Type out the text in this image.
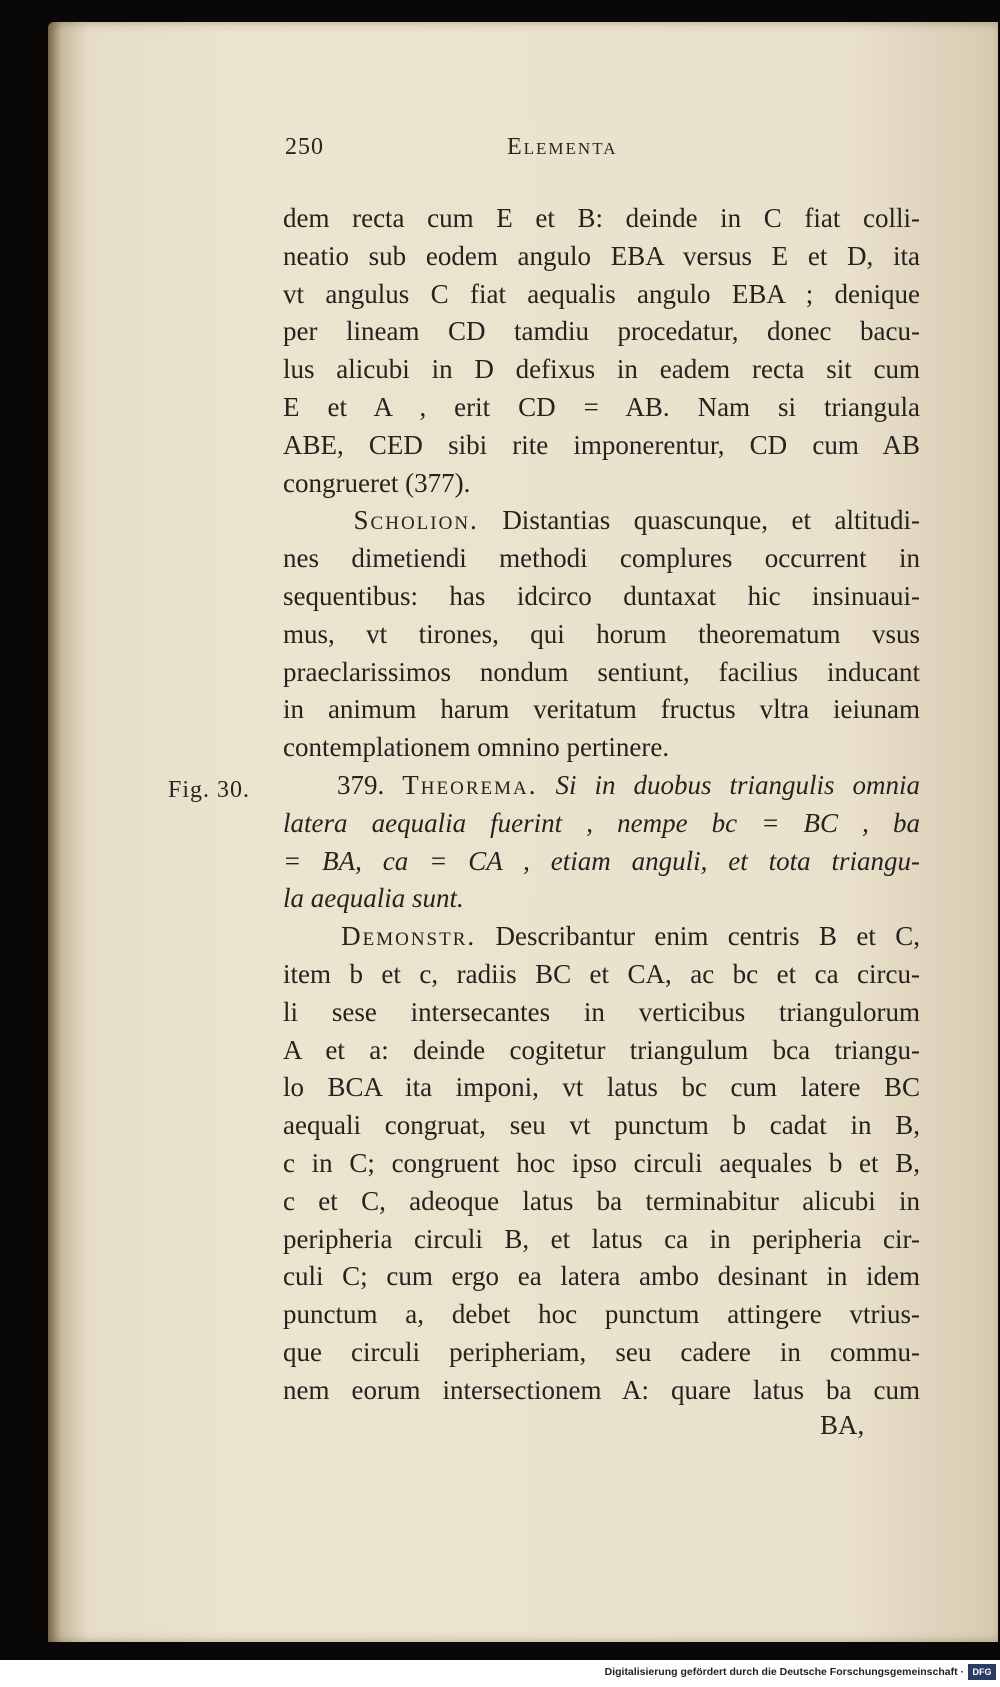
250	Elementa
Fig. 30.
dem recta cum E et B: deinde in C fiat colli-
neatio sub eodem angulo EBA versus E et D, ita
vt angulus C fiat aequalis angulo EBA ; denique
per lineam CD tamdiu procedatur, donec bacu-
lus alicubi in D defixus in eadem recta sit cum
E et A , erit CD = AB. Nam si triangula
ABE, CED sibi rite imponerentur, CD cum AB
congrueret (377).
Scholion. Distantias quascunque, et altitudi-
nes dimetiendi methodi complures occurrent in
sequentibus: has idcirco duntaxat hic insinuaui-
mus, vt tirones, qui horum theorematum vsus
praeclarissimos nondum sentiunt, facilius inducant
in animum harum veritatum fructus vltra ieiunam
contemplationem omnino pertinere.
379. Theorema. Si in duobus triangulis omnia
latera aequalia fuerint , nempe bc = BC , ba
= BA, ca = CA , etiam anguli, et tota triangu-
la aequalia sunt.
Demonstr. Describantur enim centris B et C,
item b et c, radiis BC et CA, ac bc et ca circu-
li sese intersecantes in verticibus triangulorum
A et a: deinde cogitetur triangulum bca triangu-
lo BCA ita imponi, vt latus bc cum latere BC
aequali congruat, seu vt punctum b cadat in B,
c in C; congruent hoc ipso circuli aequales b et B,
c et C, adeoque latus ba terminabitur alicubi in
peripheria circuli B, et latus ca in peripheria cir-
culi C; cum ergo ea latera ambo desinant in idem
punctum a, debet hoc punctum attingere vtrius-
que circuli peripheriam, seu cadere in commu-
nem eorum intersectionem A: quare latus ba cum
BA,
Digitalisierung gefördert durch die Deutsche Forschungsgemeinschaft · DFG
